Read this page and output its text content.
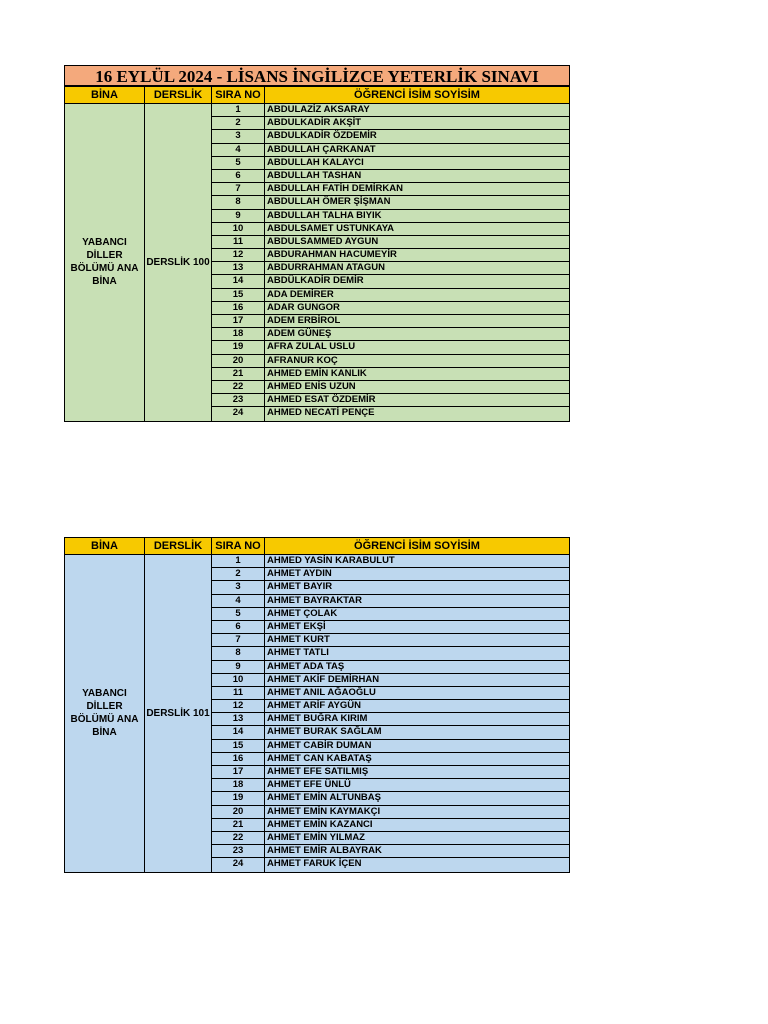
16 EYLÜL 2024 - LİSANS İNGİLİZCE YETERLİK SINAVI
BİNA	DERSLİK	SIRA NO	ÖĞRENCİ İSİM SOYİSİM
YABANCI DİLLER BÖLÜMÜ ANA BİNA
DERSLİK 100
1	ABDULAZİZ AKSARAY
2	ABDULKADİR AKŞİT
3	ABDULKADİR ÖZDEMİR
4	ABDULLAH ÇARKANAT
5	ABDULLAH KALAYCI
6	ABDULLAH TASHAN
7	ABDULLAH FATİH DEMİRKAN
8	ABDULLAH ÖMER ŞİŞMAN
9	ABDULLAH TALHA BIYIK
10	ABDULSAMET USTUNKAYA
11	ABDULSAMMED AYGUN
12	ABDURAHMAN HACUMEYİR
13	ABDURRAHMAN ATAGUN
14	ABDÜLKADİR DEMİR
15	ADA DEMİRER
16	ADAR GUNGOR
17	ADEM ERBİROL
18	ADEM GÜNEŞ
19	AFRA ZULAL USLU
20	AFRANUR KOÇ
21	AHMED EMİN KANLIK
22	AHMED ENİS UZUN
23	AHMED ESAT ÖZDEMİR
24	AHMED NECATİ PENÇE
BİNA	DERSLİK	SIRA NO	ÖĞRENCİ İSİM SOYİSİM
YABANCI DİLLER BÖLÜMÜ ANA BİNA
DERSLİK 101
1	AHMED YASİN KARABULUT
2	AHMET AYDIN
3	AHMET BAYIR
4	AHMET BAYRAKTAR
5	AHMET ÇOLAK
6	AHMET EKŞİ
7	AHMET KURT
8	AHMET TATLI
9	AHMET ADA TAŞ
10	AHMET AKİF DEMİRHAN
11	AHMET ANIL AĞAOĞLU
12	AHMET ARİF AYGÜN
13	AHMET BUĞRA KIRIM
14	AHMET BURAK SAĞLAM
15	AHMET CABİR DUMAN
16	AHMET CAN KABATAŞ
17	AHMET EFE SATILMIŞ
18	AHMET EFE ÜNLÜ
19	AHMET EMİN ALTUNBAŞ
20	AHMET EMİN KAYMAKÇI
21	AHMET EMİN KAZANCI
22	AHMET EMİN YILMAZ
23	AHMET EMİR ALBAYRAK
24	AHMET FARUK İÇEN
